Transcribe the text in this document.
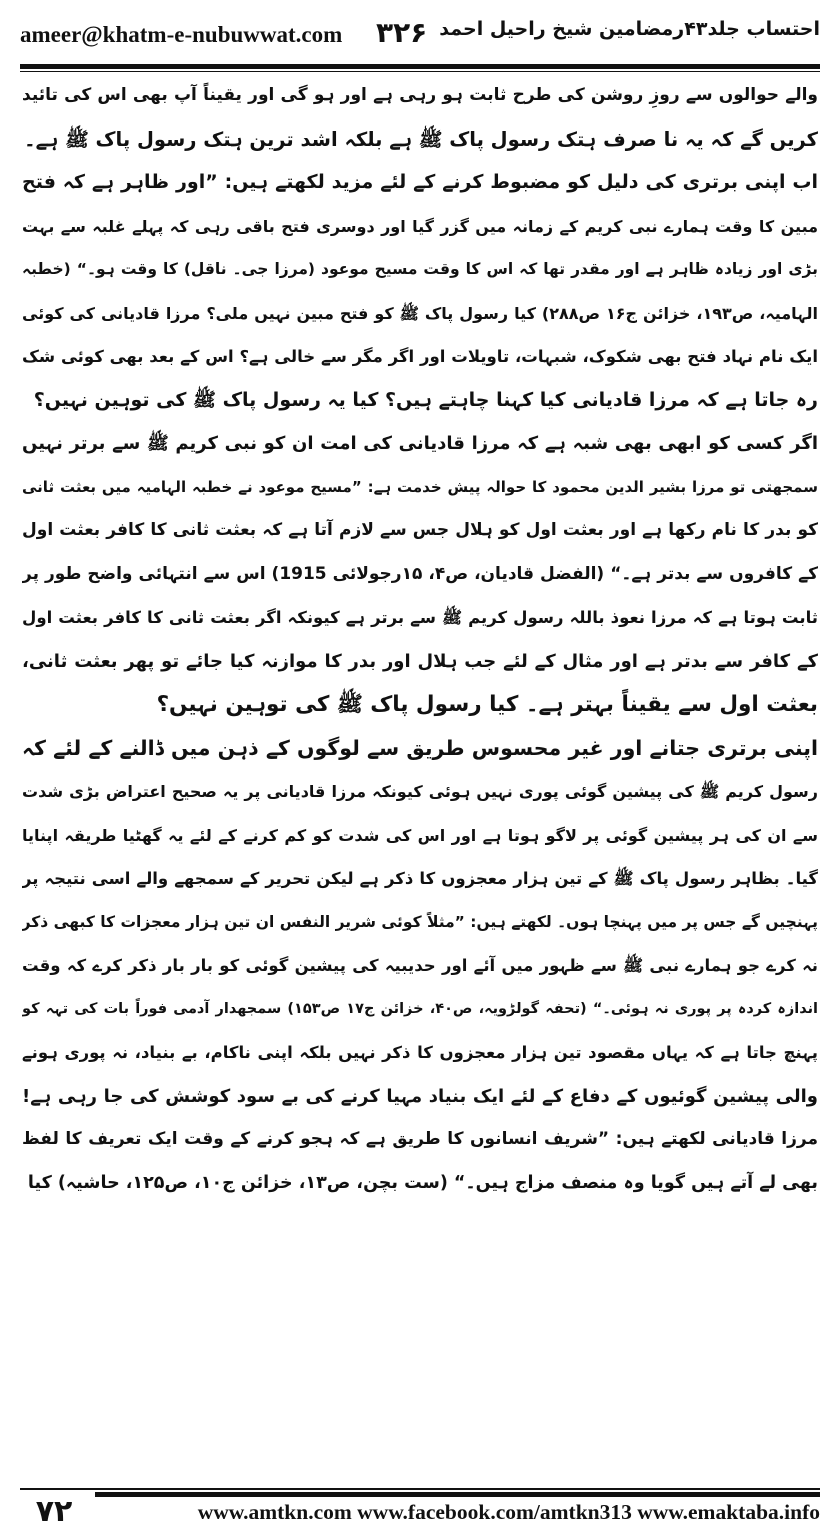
ameer@khatm-e-nubuwwat.com ۳۲۶ احتساب جلد۴۳رمضامین شیخ راحیل احمد
والے حوالوں سے روزِ روشن کی طرح ثابت ہو رہی ہے اور ہو گی اور یقیناً آپ بھی اس کی تائید
کریں گے کہ یہ نا صرف ہتک رسول پاک ﷺ ہے بلکہ اشد ترین ہتک رسول پاک ﷺ ہے۔
اب اپنی برتری کی دلیل کو مضبوط کرنے کے لئے مزید لکھتے ہیں: ”اور ظاہر ہے کہ فتح
مبین کا وقت ہمارے نبی کریم کے زمانہ میں گزر گیا اور دوسری فتح باقی رہی کہ پہلے غلبہ سے بہت
بڑی اور زیادہ ظاہر ہے اور مقدر تھا کہ اس کا وقت مسیح موعود (مرزا جی۔ ناقل) کا وقت ہو۔“ (خطبہ
الہامیہ، ص۱۹۳، خزائن ج۱۶ ص۲۸۸) کیا رسول پاک ﷺ کو فتح مبین نہیں ملی؟ مرزا قادیانی کی کوئی
ایک نام نہاد فتح بھی شکوک، شبہات، تاویلات اور اگر مگر سے خالی ہے؟ اس کے بعد بھی کوئی شک
رہ جاتا ہے کہ مرزا قادیانی کیا کہنا چاہتے ہیں؟ کیا یہ رسول پاک ﷺ کی توہین نہیں؟
اگر کسی کو ابھی بھی شبہ ہے کہ مرزا قادیانی کی امت ان کو نبی کریم ﷺ سے برتر نہیں
سمجھتی تو مرزا بشیر الدین محمود کا حوالہ پیش خدمت ہے: ”مسیح موعود نے خطبہ الہامیہ میں بعثت ثانی
کو بدر کا نام رکھا ہے اور بعثت اول کو ہلال جس سے لازم آتا ہے کہ بعثت ثانی کا کافر بعثت اول
کے کافروں سے بدتر ہے۔“ (الفضل قادیان، ص۴، ۱۵رجولائی 1915) اس سے انتہائی واضح طور پر
ثابت ہوتا ہے کہ مرزا نعوذ باللہ رسول کریم ﷺ سے برتر ہے کیونکہ اگر بعثت ثانی کا کافر بعثت اول
کے کافر سے بدتر ہے اور مثال کے لئے جب ہلال اور بدر کا موازنہ کیا جائے تو پھر بعثت ثانی،
بعثت اول سے یقیناً بہتر ہے۔ کیا رسول پاک ﷺ کی توہین نہیں؟
اپنی برتری جتانے اور غیر محسوس طریق سے لوگوں کے ذہن میں ڈالنے کے لئے کہ
رسول کریم ﷺ کی پیشین گوئی پوری نہیں ہوئی کیونکہ مرزا قادیانی پر یہ صحیح اعتراض بڑی شدت
سے ان کی ہر پیشین گوئی پر لاگو ہوتا ہے اور اس کی شدت کو کم کرنے کے لئے یہ گھٹیا طریقہ اپنایا
گیا۔ بظاہر رسول پاک ﷺ کے تین ہزار معجزوں کا ذکر ہے لیکن تحریر کے سمجھے والے اسی نتیجہ پر
پہنچیں گے جس پر میں پہنچا ہوں۔ لکھتے ہیں: ”مثلاً کوئی شریر النفس ان تین ہزار معجزات کا کبھی ذکر
نہ کرے جو ہمارے نبی ﷺ سے ظہور میں آئے اور حدیبیہ کی پیشین گوئی کو بار بار ذکر کرے کہ وقت
اندازہ کردہ پر پوری نہ ہوئی۔“ (تحفہ گولڑویہ، ص۴۰، خزائن ج۱۷ ص۱۵۳) سمجھدار آدمی فوراً بات کی تہہ کو
پہنچ جاتا ہے کہ یہاں مقصود تین ہزار معجزوں کا ذکر نہیں بلکہ اپنی ناکام، بے بنیاد، نہ پوری ہونے
والی پیشین گوئیوں کے دفاع کے لئے ایک بنیاد مہیا کرنے کی بے سود کوشش کی جا رہی ہے!
مرزا قادیانی لکھتے ہیں: ”شریف انسانوں کا طریق ہے کہ ہجو کرنے کے وقت ایک تعریف کا لفظ
بھی لے آتے ہیں گویا وہ منصف مزاج ہیں۔“ (ست بچن، ص۱۳، خزائن ج۱۰، ص۱۲۵، حاشیہ) کیا
۷۲	www.amtkn.com www.facebook.com/amtkn313 www.emaktaba.info
